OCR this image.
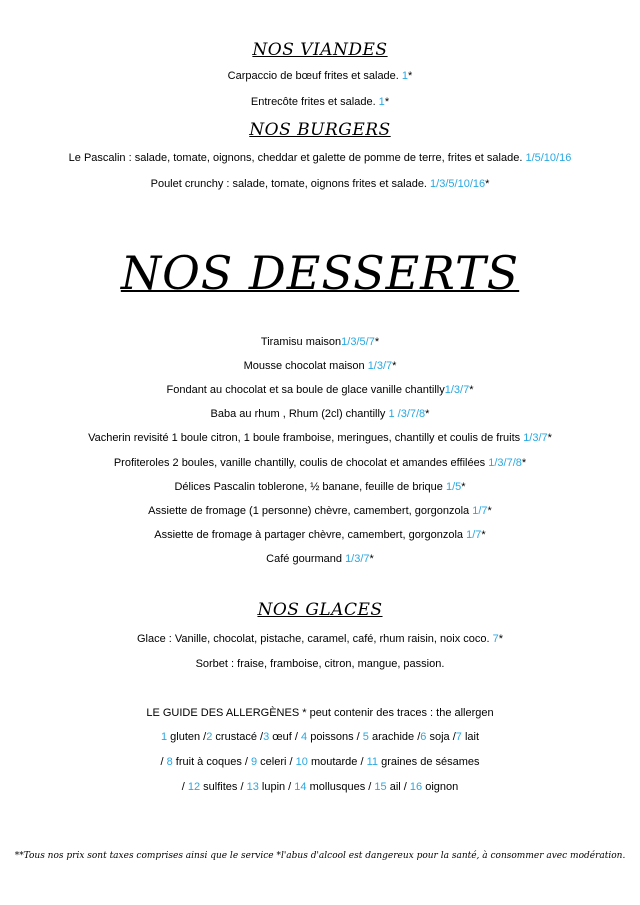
NOS VIANDES
Carpaccio de bœuf frites et salade. 1*
Entrecôte frites et salade. 1*
NOS BURGERS
Le Pascalin : salade, tomate, oignons, cheddar et galette de pomme de terre, frites et salade. 1/5/10/16
Poulet crunchy : salade, tomate, oignons frites et salade. 1/3/5/10/16*
NOS DESSERTS
Tiramisu maison1/3/5/7*
Mousse chocolat maison 1/3/7*
Fondant au chocolat et sa boule de glace vanille chantilly1/3/7*
Baba au rhum , Rhum (2cl) chantilly 1 /3/7/8*
Vacherin revisité 1 boule citron, 1 boule framboise, meringues, chantilly et coulis de fruits 1/3/7*
Profiteroles 2 boules, vanille chantilly, coulis de chocolat et amandes effilées 1/3/7/8*
Délices Pascalin toblerone, ½ banane, feuille de brique 1/5*
Assiette de fromage (1 personne) chèvre, camembert, gorgonzola 1/7*
Assiette de fromage à partager chèvre, camembert, gorgonzola 1/7*
Café gourmand 1/3/7*
NOS GLACES
Glace : Vanille, chocolat, pistache, caramel, café, rhum raisin, noix coco. 7*
Sorbet : fraise, framboise, citron, mangue, passion.
LE GUIDE DES ALLERGÈNES * peut contenir des traces : the allergen
1 gluten /2 crustacé /3 œuf / 4 poissons / 5 arachide /6 soja /7 lait
/ 8 fruit à coques / 9 celeri / 10 moutarde / 11 graines de sésames
/ 12 sulfites / 13 lupin / 14 mollusques / 15 ail / 16 oignon
**Tous nos prix sont taxes comprises ainsi que le service *l'abus d'alcool est dangereux pour la santé, à consommer avec modération.
